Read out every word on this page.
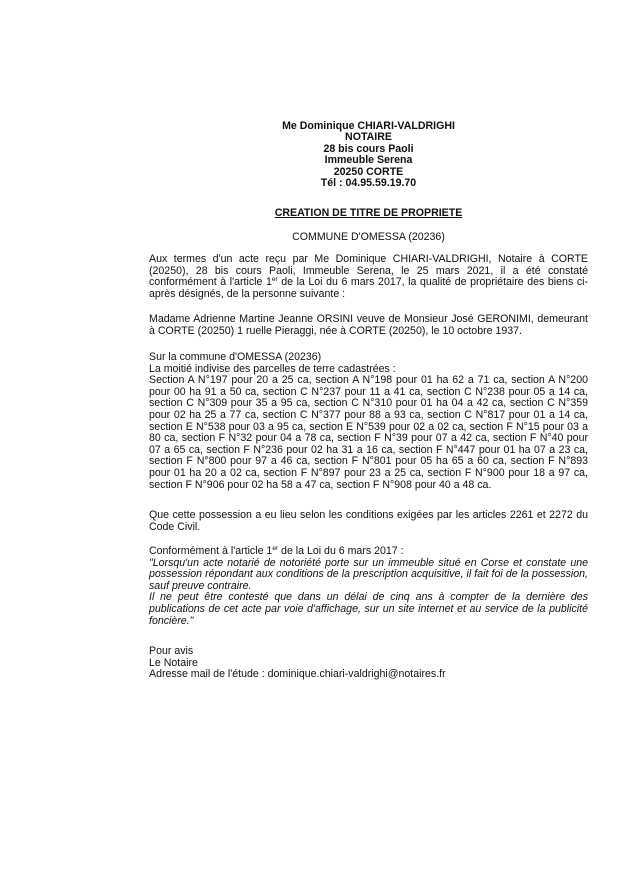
Me Dominique CHIARI-VALDRIGHI
NOTAIRE
28 bis cours Paoli
Immeuble Serena
20250 CORTE
Tél : 04.95.59.19.70
CREATION DE TITRE DE PROPRIETE
COMMUNE D'OMESSA (20236)

Aux termes d'un acte reçu par Me Dominique CHIARI-VALDRIGHI, Notaire à CORTE (20250), 28 bis cours Paoli, Immeuble Serena, le 25 mars 2021, il a été constaté conformément à l'article 1er de la Loi du 6 mars 2017, la qualité de propriétaire des biens ci-après désignés, de la personne suivante :

Madame Adrienne Martine Jeanne ORSINI veuve de Monsieur José GERONIMI, demeurant à CORTE (20250) 1 ruelle Pieraggi, née à CORTE (20250), le 10 octobre 1937.

Sur la commune d'OMESSA (20236)
La moitié indivise des parcelles de terre cadastrées :

Section A N°197 pour 20 a 25 ca, section A N°198 pour 01 ha 62 a 71 ca, section A N°200 pour 00 ha 91 a 50 ca, section C N°237 pour 11 a 41 ca, section C N°238 pour 05 a 14 ca, section C N°309 pour 35 a 95 ca, section C N°310 pour 01 ha 04 a 42 ca, section C N°359 pour 02 ha 25 a 77 ca, section C N°377 pour 88 a 93 ca, section C N°817 pour 01 a 14 ca, section E N°538 pour 03 a 95 ca, section E N°539 pour 02 a 02 ca, section F N°15 pour 03 a 80 ca, section F N°32 pour 04 a 78 ca, section F N°39 pour 07 a 42 ca, section F N°40 pour 07 a 65 ca, section F N°236 pour 02 ha 31 a 16 ca, section F N°447 pour 01 ha 07 a 23 ca, section F N°800 pour 97 a 46 ca, section F N°801 pour 05 ha 65 a 60 ca, section F N°893 pour 01 ha 20 a 02 ca, section F N°897 pour 23 a 25 ca, section F N°900 pour 18 a 97 ca, section F N°906 pour 02 ha 58 a 47 ca, section F N°908 pour 40 a 48 ca.

Que cette possession a eu lieu selon les conditions exigées par les articles 2261 et 2272 du Code Civil.

Conformément à l'article 1er de la Loi du 6 mars 2017 :

"Lorsqu'un acte notarié de notoriété porte sur un immeuble situé en Corse et constate une possession répondant aux conditions de la prescription acquisitive, il fait foi de la possession, sauf preuve contraire.

Il ne peut être contesté que dans un délai de cinq ans à compter de la dernière des publications de cet acte par voie d'affichage, sur un site internet et au service de la publicité foncière."

Pour avis
Le Notaire
Adresse mail de l'étude : dominique.chiari-valdrighi@notaires.fr
